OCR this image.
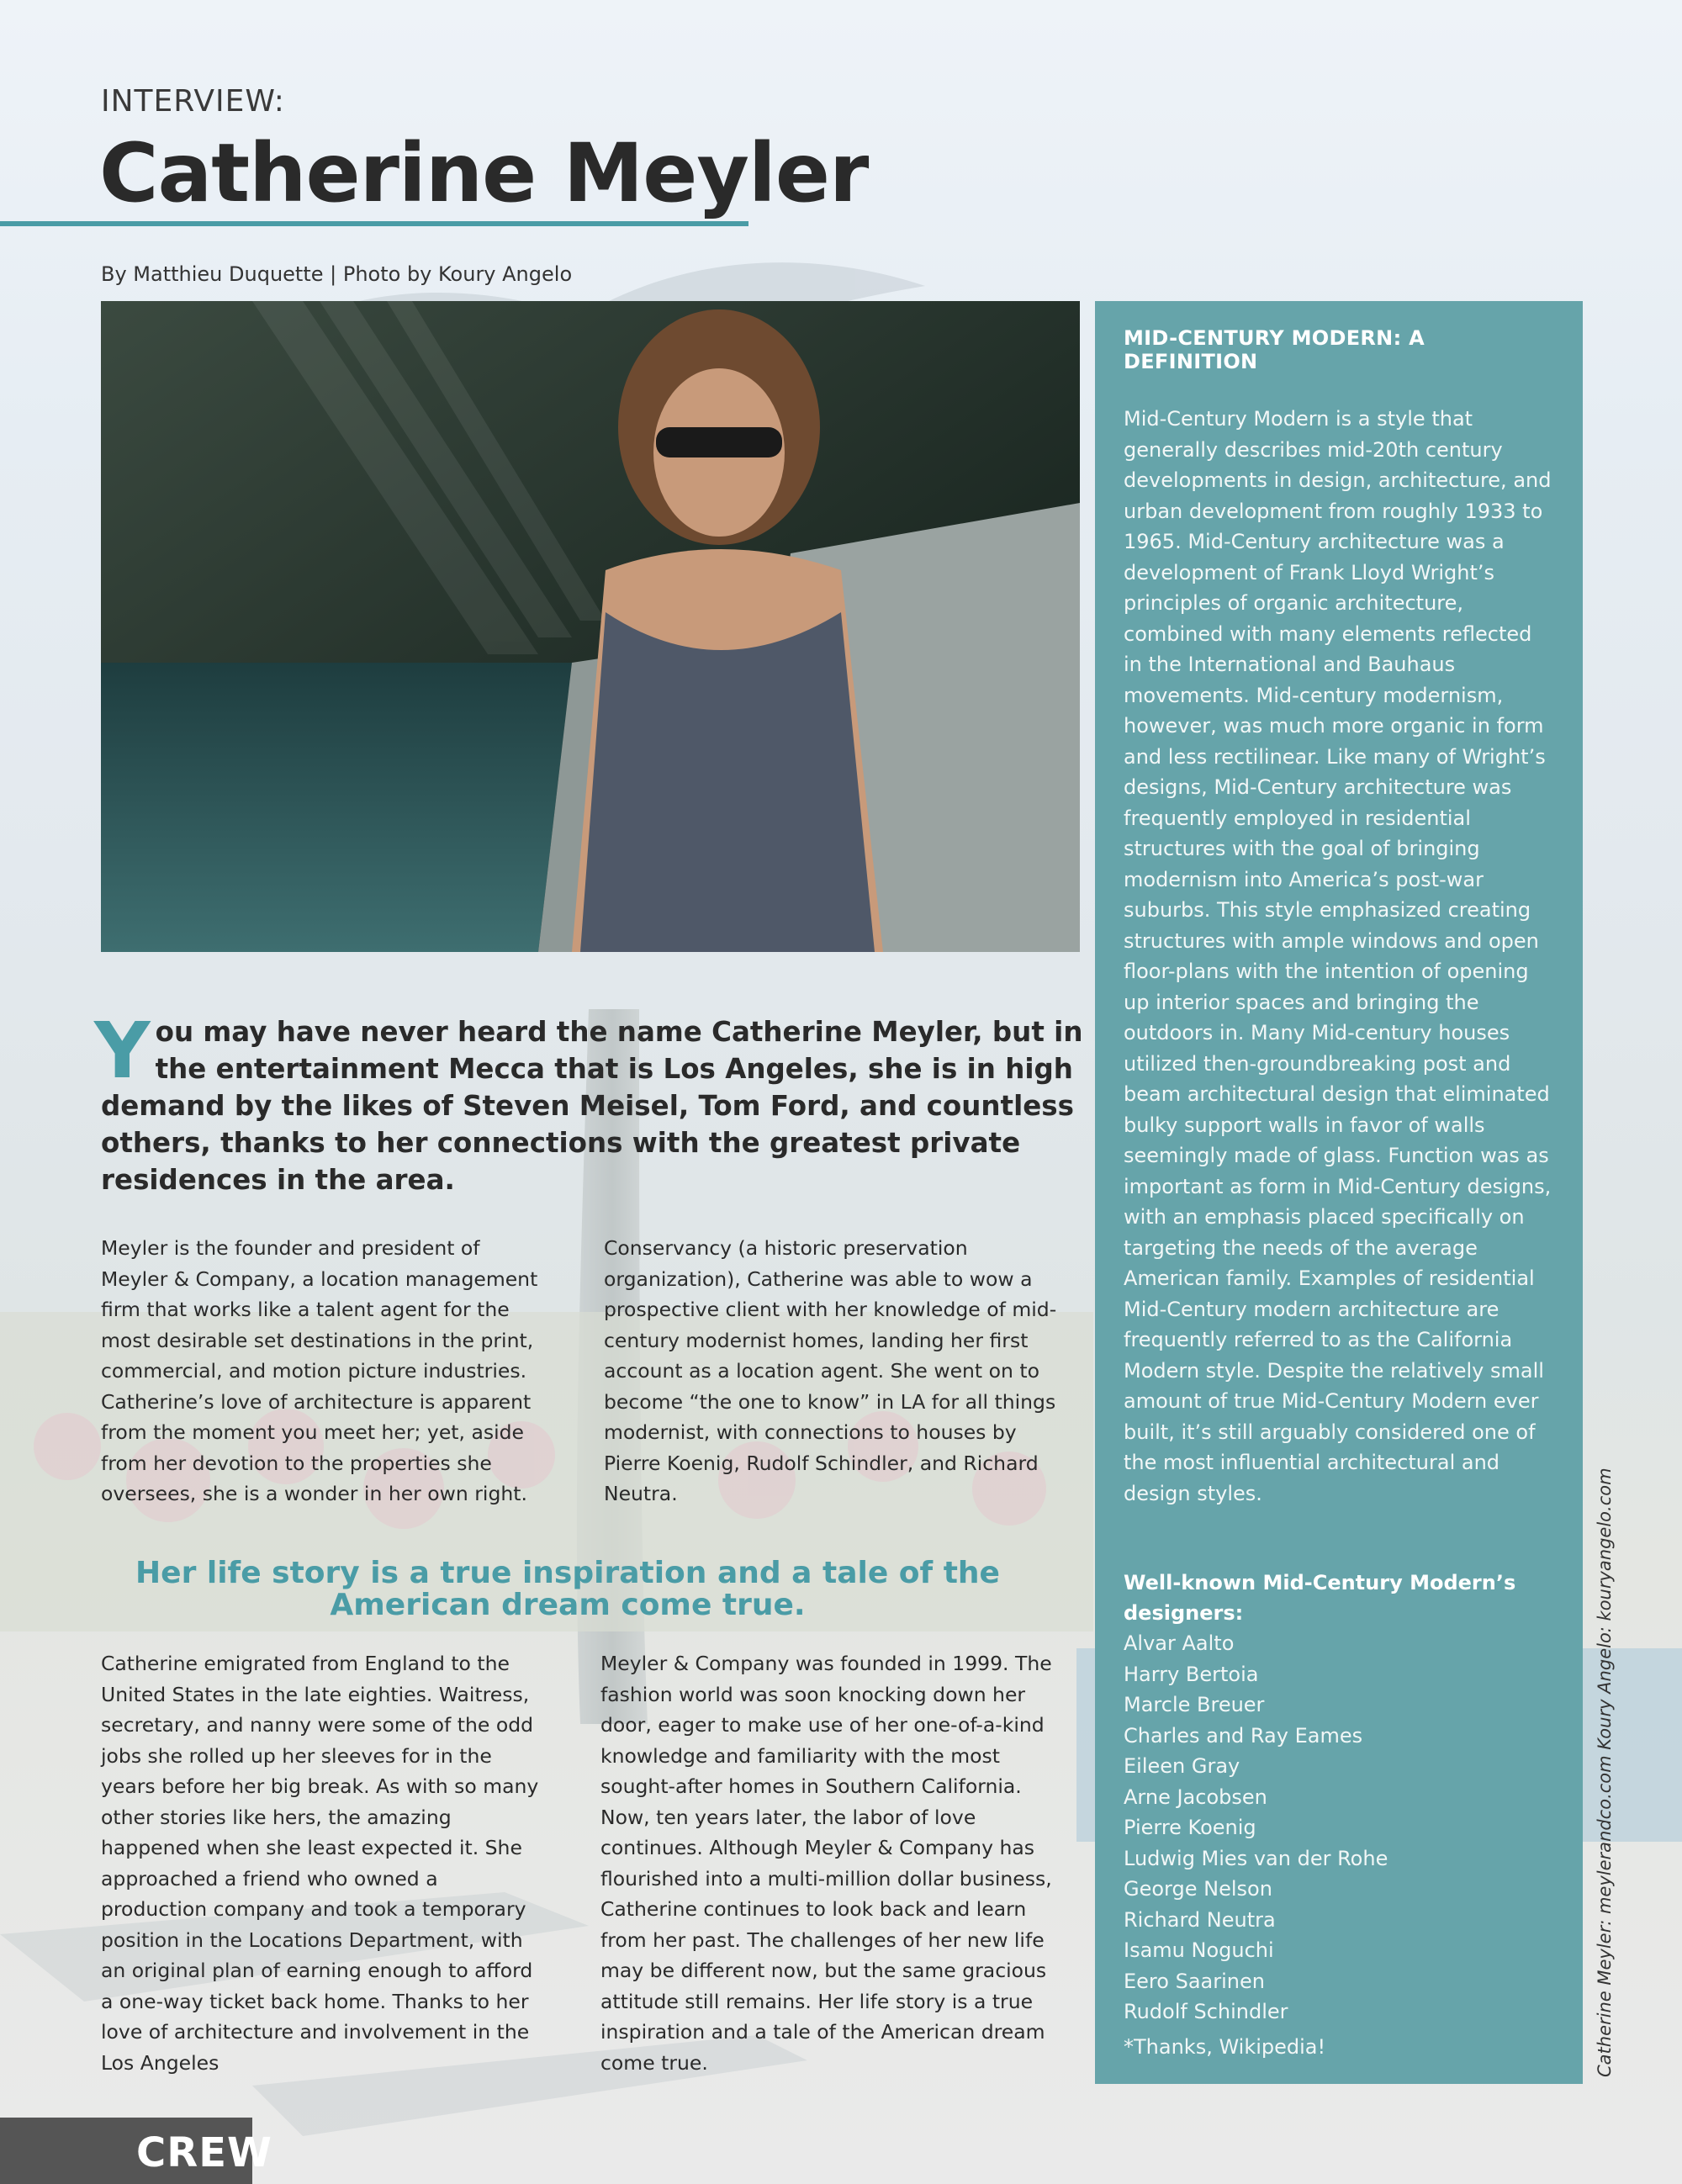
INTERVIEW:
Catherine Meyler
By Matthieu Duquette | Photo by Koury Angelo
MID-CENTURY MODERN: A DEFINITION
Mid-Century Modern is a style that generally describes mid-20th century developments in design, architecture, and urban development from roughly 1933 to 1965. Mid-Century architecture was a development of Frank Lloyd Wright’s principles of organic architecture, combined with many elements reflected in the International and Bauhaus movements. Mid-century modernism, however, was much more organic in form and less rectilinear. Like many of Wright’s designs, Mid-Century architecture was frequently employed in residential structures with the goal of bringing modernism into America’s post-war suburbs. This style emphasized creating structures with ample windows and open floor-plans with the intention of opening up interior spaces and bringing the outdoors in. Many Mid-century houses utilized then-groundbreaking post and beam architectural design that eliminated bulky support walls in favor of walls seemingly made of glass. Function was as important as form in Mid-Century designs, with an emphasis placed specifically on targeting the needs of the average American family. Examples of residential Mid-Century modern architecture are frequently referred to as the California Modern style. Despite the relatively small amount of true Mid-Century Modern ever built, it’s still arguably considered one of the most influential architectural and design styles.
Well-known Mid-Century Modern’s designers:
Alvar Aalto
Harry Bertoia
Marcle Breuer
Charles and Ray Eames
Eileen Gray
Arne Jacobsen
Pierre Koenig
Ludwig Mies van der Rohe
George Nelson
Richard Neutra
Isamu Noguchi
Eero Saarinen
Rudolf Schindler
*Thanks, Wikipedia!
You may have never heard the name Catherine Meyler, but in the entertainment Mecca that is Los Angeles, she is in high demand by the likes of Steven Meisel, Tom Ford, and countless others, thanks to her connections with the greatest private residences in the area.
Meyler is the founder and president of Meyler & Company, a location management firm that works like a talent agent for the most desirable set destinations in the print, commercial, and motion picture industries. Catherine’s love of architecture is apparent from the moment you meet her; yet, aside from her devotion to the properties she oversees, she is a wonder in her own right.
Conservancy (a historic preservation organization), Catherine was able to wow a prospective client with her knowledge of mid-century modernist homes, landing her first account as a location agent. She went on to become “the one to know” in LA for all things modernist, with connections to houses by Pierre Koenig, Rudolf Schindler, and Richard Neutra.
Her life story is a true inspiration and a tale of the American dream come true.
Catherine emigrated from England to the United States in the late eighties. Waitress, secretary, and nanny were some of the odd jobs she rolled up her sleeves for in the years before her big break. As with so many other stories like hers, the amazing happened when she least expected it. She approached a friend who owned a production company and took a temporary position in the Locations Department, with an original plan of earning enough to afford a one-way ticket back home. Thanks to her love of architecture and involvement in the Los Angeles
Meyler & Company was founded in 1999. The fashion world was soon knocking down her door, eager to make use of her one-of-a-kind knowledge and familiarity with the most sought-after homes in Southern California. Now, ten years later, the labor of love continues. Although Meyler & Company has flourished into a multi-million dollar business, Catherine continues to look back and learn from her past. The challenges of her new life may be different now, but the same gracious attitude still remains. Her life story is a true inspiration and a tale of the American dream come true.	Catherine Meyler: meylerandco.com Koury Angelo: kouryangelo.com
CREW
